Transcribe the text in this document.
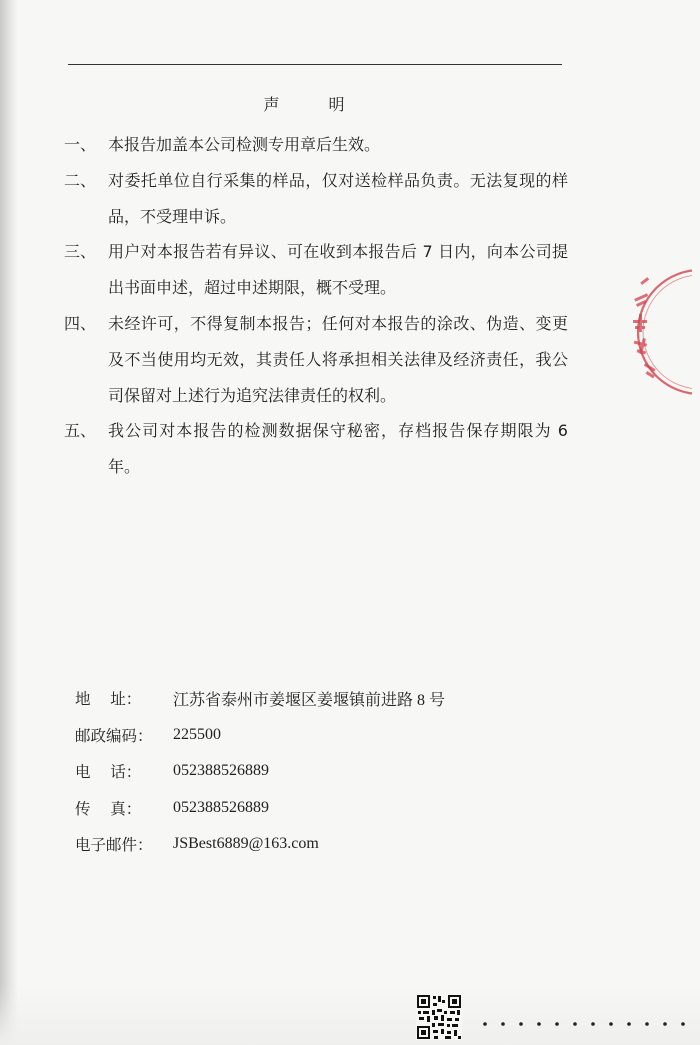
声 明
一、 本报告加盖本公司检测专用章后生效。
二、 对委托单位自行采集的样品，仅对送检样品负责。无法复现的样品，不受理申诉。
三、 用户对本报告若有异议、可在收到本报告后 7 日内，向本公司提出书面申述，超过申述期限，概不受理。
四、 未经许可，不得复制本报告；任何对本报告的涂改、伪造、变更及不当使用均无效，其责任人将承担相关法律及经济责任，我公司保留对上述行为追究法律责任的权利。
五、 我公司对本报告的检测数据保守秘密，存档报告保存期限为 6 年。
地    址：	江苏省泰州市姜堰区姜堰镇前进路 8 号
邮政编码：	225500
电    话：	052388526889
传    真：	052388526889
电子邮件：	JSBest6889@163.com
